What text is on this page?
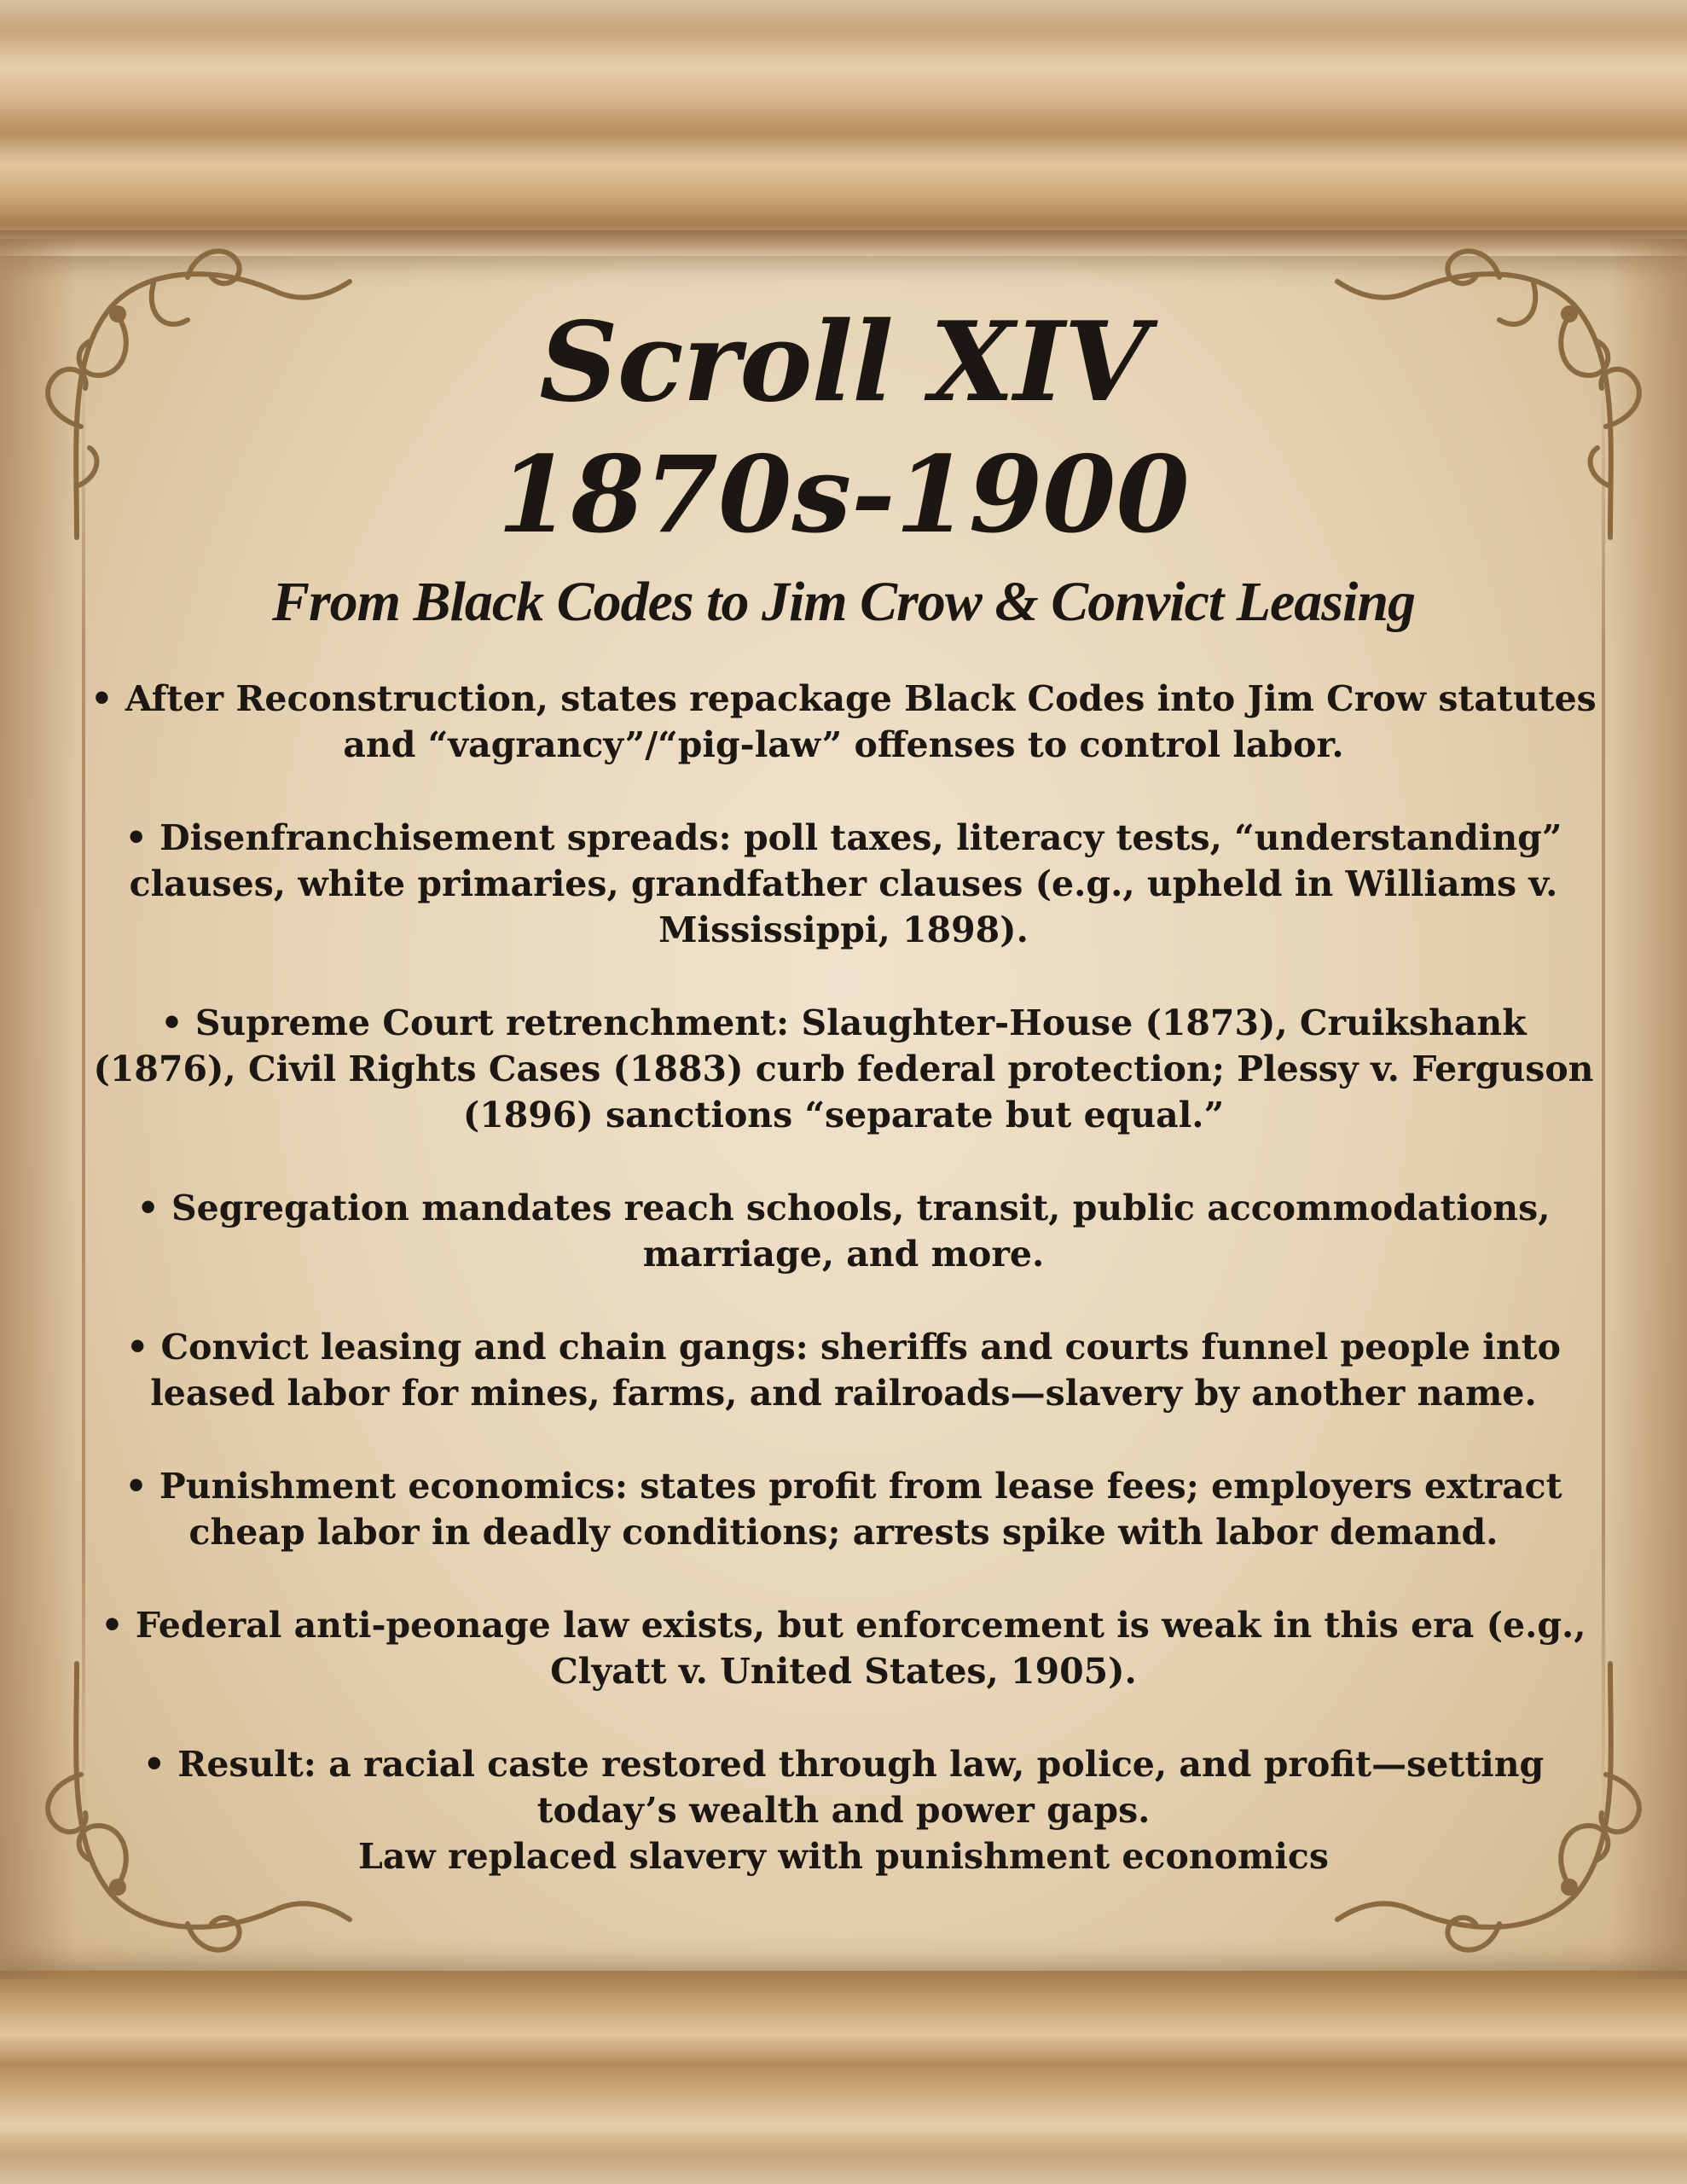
Scroll XIV
1870s-1900
From Black Codes to Jim Crow & Convict Leasing
• After Reconstruction, states repackage Black Codes into Jim Crow statutes and “vagrancy”/“pig-law” offenses to control labor.
• Disenfranchisement spreads: poll taxes, literacy tests, “understanding” clauses, white primaries, grandfather clauses (e.g., upheld in Williams v. Mississippi, 1898).
• Supreme Court retrenchment: Slaughter-House (1873), Cruikshank (1876), Civil Rights Cases (1883) curb federal protection; Plessy v. Ferguson (1896) sanctions “separate but equal.”
• Segregation mandates reach schools, transit, public accommodations, marriage, and more.
• Convict leasing and chain gangs: sheriffs and courts funnel people into leased labor for mines, farms, and railroads—slavery by another name.
• Punishment economics: states profit from lease fees; employers extract cheap labor in deadly conditions; arrests spike with labor demand.
• Federal anti-peonage law exists, but enforcement is weak in this era (e.g., Clyatt v. United States, 1905).
• Result: a racial caste restored through law, police, and profit—setting today’s wealth and power gaps.

Law replaced slavery with punishment economics
